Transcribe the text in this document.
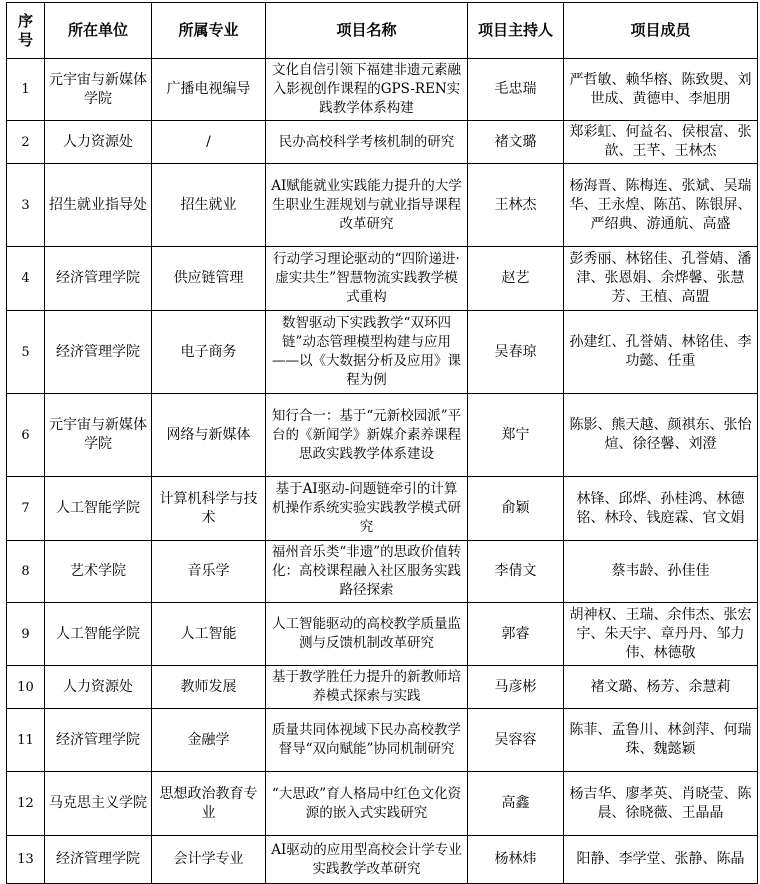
序号	所在单位	所属专业	项目名称	项目主持人	项目成员
1	元宇宙与新媒体学院	广播电视编导	文化自信引领下福建非遗元素融入影视创作课程的GPS-REN实践教学体系构建	毛忠瑞	严哲敏、赖华榕、陈致煛、刘世成、黄德申、李旭朋
2	人力资源处	/	民办高校科学考核机制的研究	褚文璐	郑彩虹、何益名、侯根富、张歆、王芊、王林杰
3	招生就业指导处	招生就业	AI赋能就业实践能力提升的大学生职业生涯规划与就业指导课程改革研究	王林杰	杨海晋、陈梅连、张斌、吴瑞华、王永煌、陈茁、陈银屏、严绍典、游通航、高盛
4	经济管理学院	供应链管理	行动学习理论驱动的“四阶递进·虚实共生”智慧物流实践教学模式重构	赵艺	彭秀丽、林铭佳、孔誉婧、潘津、张恩娟、余烨馨、张慧芳、王植、高盟
5	经济管理学院	电子商务	数智驱动下实践教学“双环四链”动态管理模型构建与应用——以《大数据分析及应用》课程为例	吴春琼	孙建红、孔誉婧、林铭佳、李功懿、任重
6	元宇宙与新媒体学院	网络与新媒体	知行合一：基于“元新校园派”平台的《新闻学》新媒介素养课程思政实践教学体系建设	郑宁	陈影、熊天越、颜祺东、张怡煊、徐径馨、刘澄
7	人工智能学院	计算机科学与技术	基于AI驱动-问题链牵引的计算机操作系统实验实践教学模式研究	俞颖	林锋、邱烨、孙桂鸿、林德铭、林玲、钱庭霖、官文娟
8	艺术学院	音乐学	福州音乐类“非遗”的思政价值转化：高校课程融入社区服务实践路径探索	李倩文	蔡韦龄、孙佳佳
9	人工智能学院	人工智能	人工智能驱动的高校教学质量监测与反馈机制改革研究	郭睿	胡神权、王瑞、余伟杰、张宏宇、朱天宇、章丹丹、邹力伟、林德敬
10	人力资源处	教师发展	基于教学胜任力提升的新教师培养模式探索与实践	马彦彬	褚文璐、杨芳、余慧莉
11	经济管理学院	金融学	质量共同体视域下民办高校教学督导“双向赋能”协同机制研究	吴容容	陈菲、孟鲁川、林剑萍、何瑞珠、魏懿颖
12	马克思主义学院	思想政治教育专业	“大思政”育人格局中红色文化资源的嵌入式实践研究	高鑫	杨吉华、廖孝英、肖晓莹、陈晨、徐晓薇、王晶晶
13	经济管理学院	会计学专业	AI驱动的应用型高校会计学专业实践教学改革研究	杨林炜	阳静、李学堂、张静、陈晶
